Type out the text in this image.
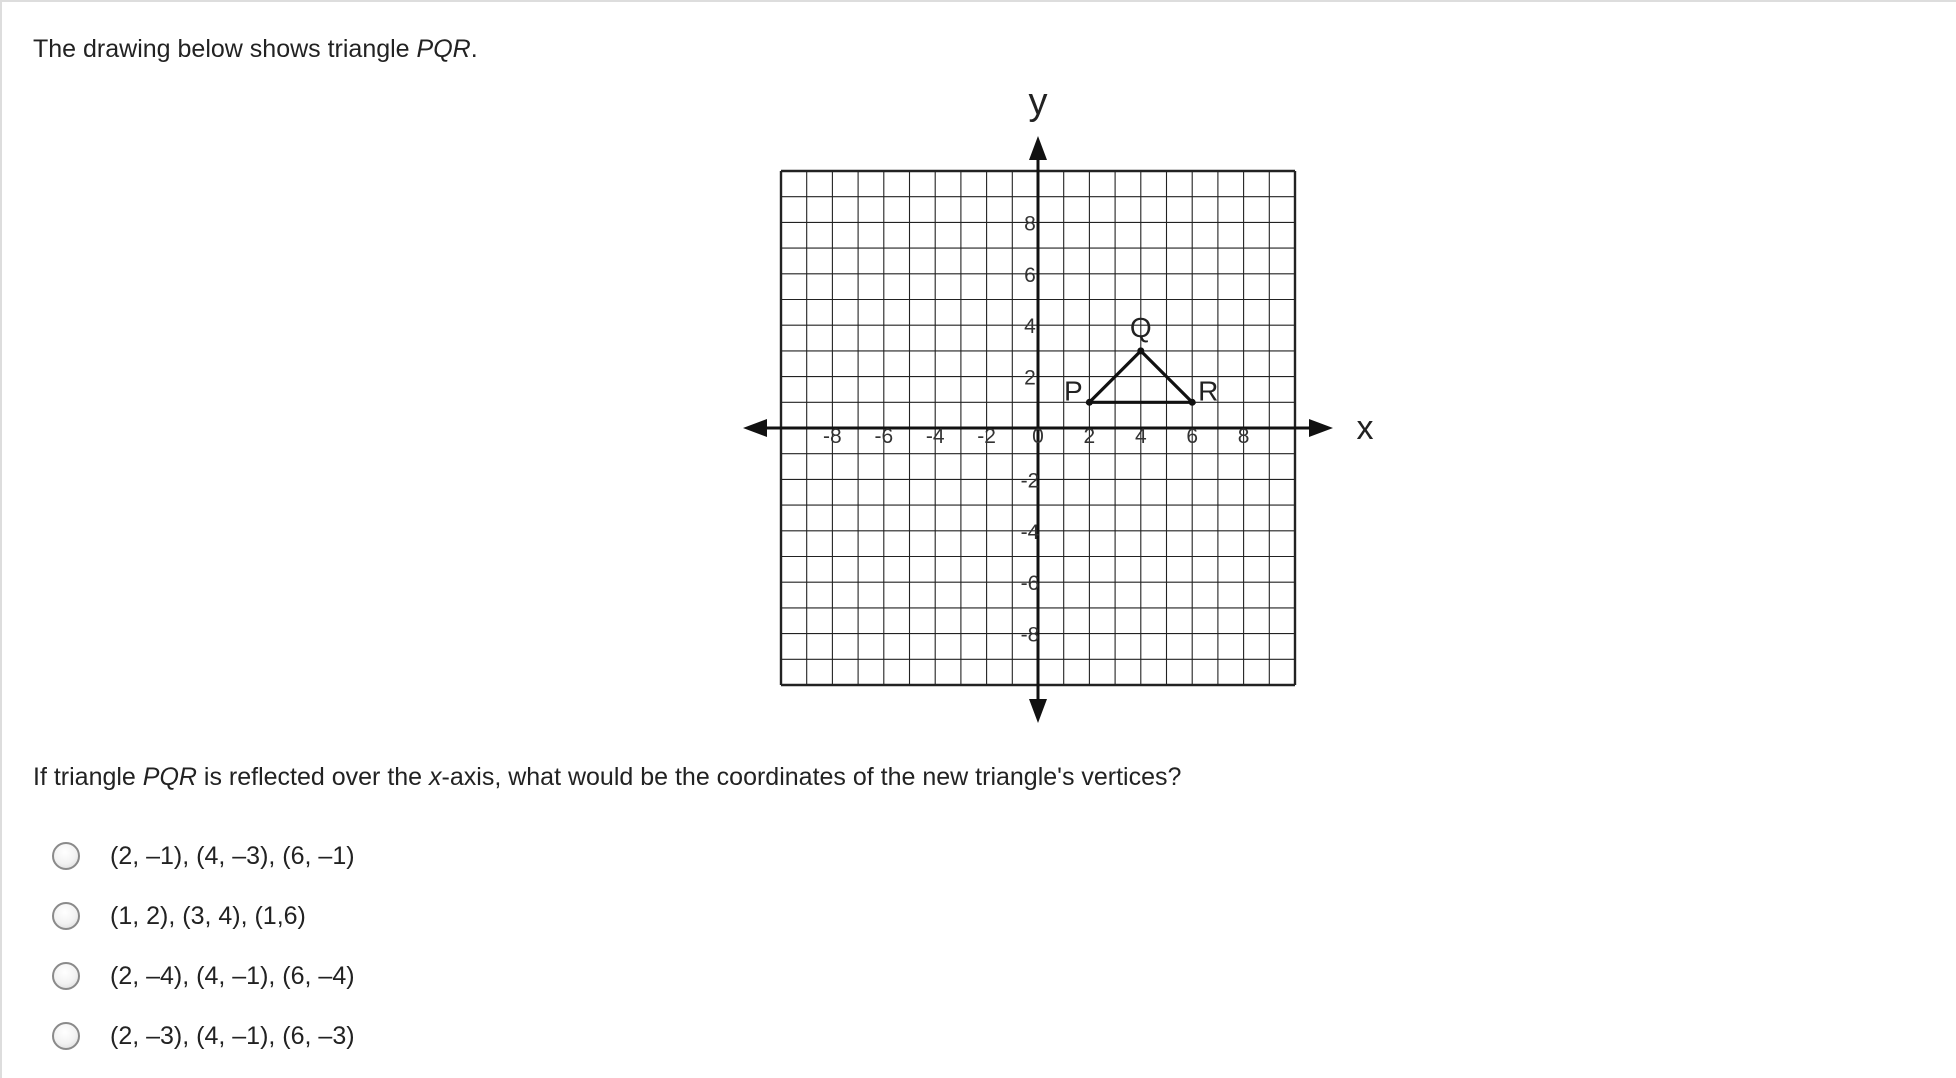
The drawing below shows triangle PQR.
x
y
-8 -6 -4 -2 0 2 4 6 8
8
6
4
2
-2
-4
-6
-8
P
Q
R
If triangle PQR is reflected over the x-axis, what would be the coordinates of the new triangle's vertices?
(2, –1), (4, –3), (6, –1)
(1, 2), (3, 4), (1,6)
(2, –4), (4, –1), (6, –4)
(2, –3), (4, –1), (6, –3)
